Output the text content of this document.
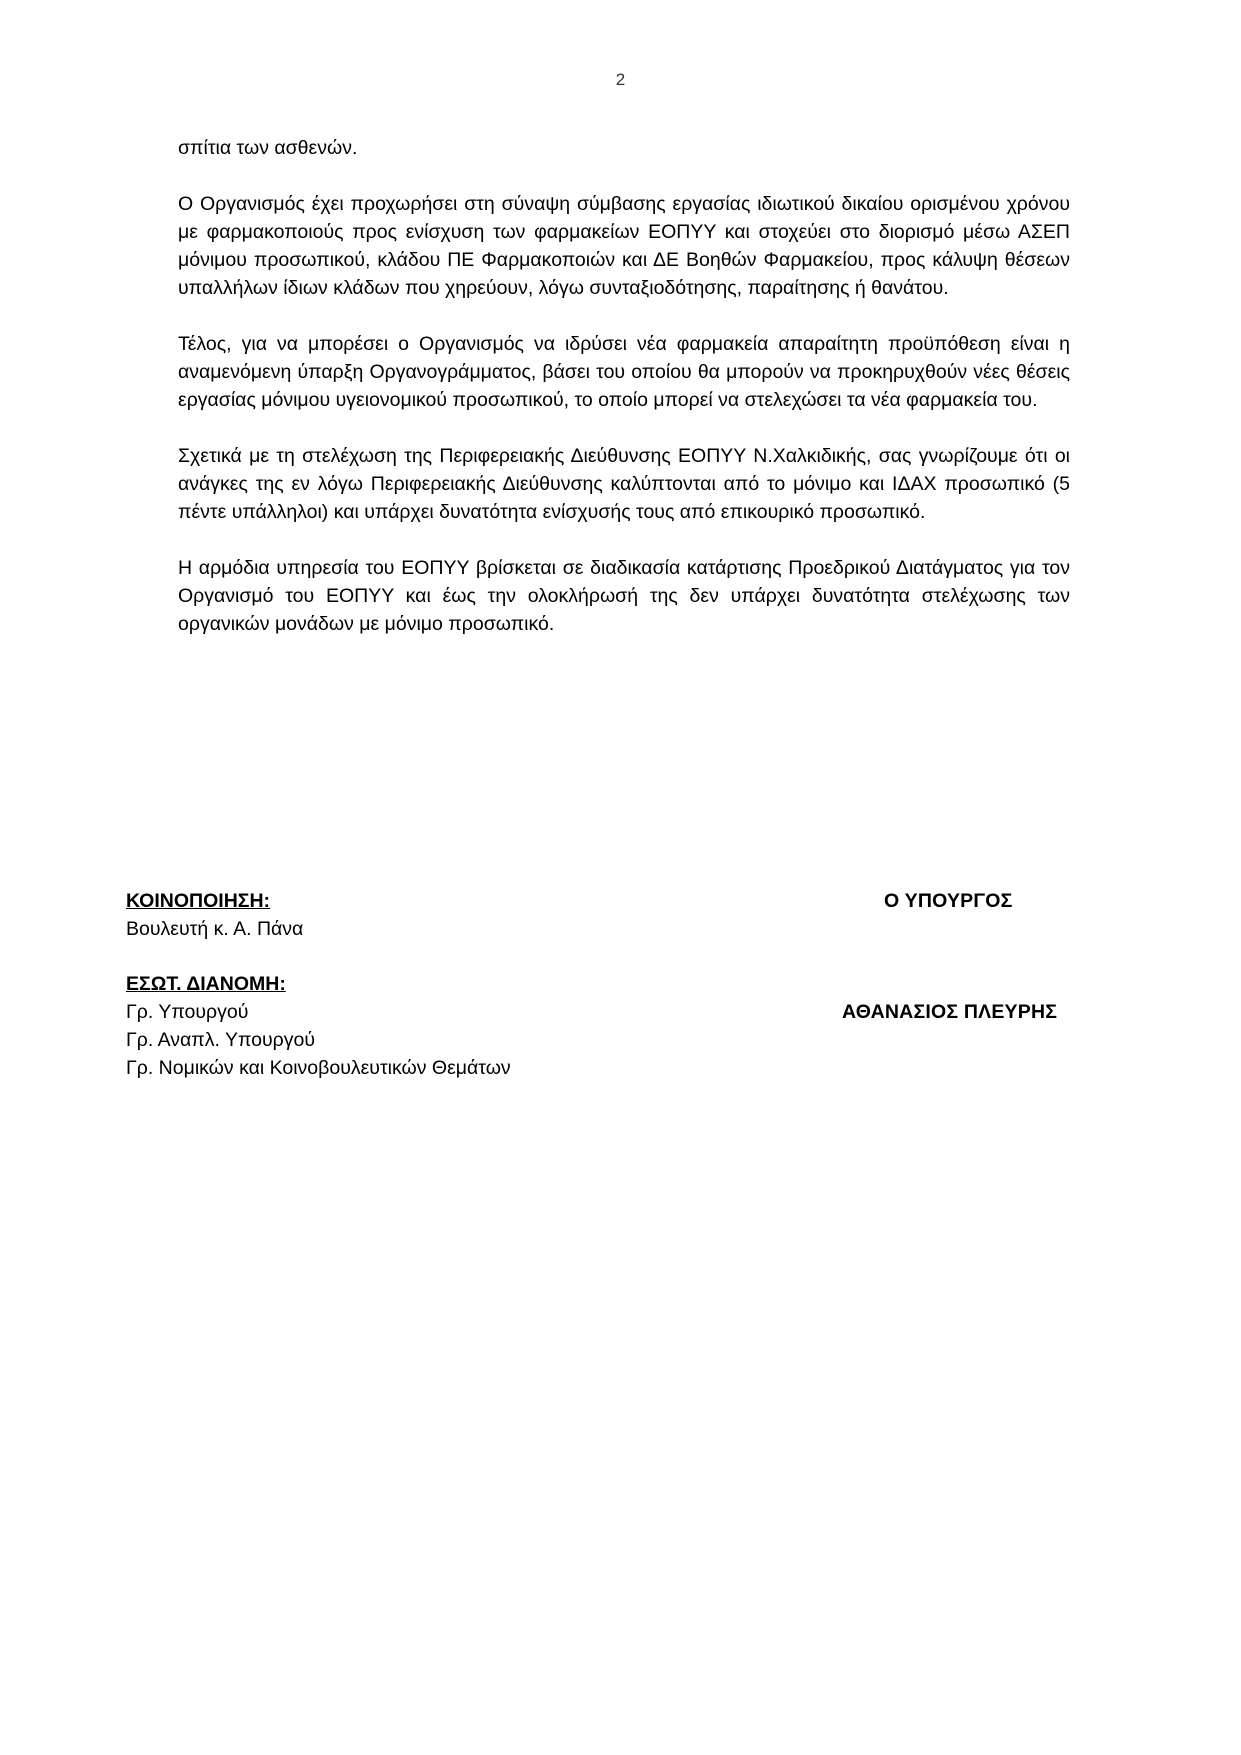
2

σπίτια των ασθενών.

Ο Οργανισμός έχει προχωρήσει στη σύναψη σύμβασης εργασίας ιδιωτικού δικαίου ορισμένου χρόνου με φαρμακοποιούς προς ενίσχυση των φαρμακείων ΕΟΠΥΥ και στοχεύει στο διορισμό μέσω ΑΣΕΠ μόνιμου προσωπικού, κλάδου ΠΕ Φαρμακοποιών και ΔΕ Βοηθών Φαρμακείου, προς κάλυψη θέσεων υπαλλήλων ίδιων κλάδων που χηρεύουν, λόγω συνταξιοδότησης, παραίτησης ή θανάτου.

Τέλος, για να μπορέσει ο Οργανισμός να ιδρύσει νέα φαρμακεία απαραίτητη προϋπόθεση είναι η αναμενόμενη ύπαρξη Οργανογράμματος, βάσει του οποίου θα μπορούν να προκηρυχθούν νέες θέσεις εργασίας μόνιμου υγειονομικού προσωπικού, το οποίο μπορεί να στελεχώσει τα νέα φαρμακεία του.

Σχετικά με τη στελέχωση της Περιφερειακής Διεύθυνσης ΕΟΠΥΥ Ν.Χαλκιδικής, σας γνωρίζουμε ότι οι ανάγκες της εν λόγω Περιφερειακής Διεύθυνσης καλύπτονται από το μόνιμο και ΙΔΑΧ προσωπικό (5 πέντε υπάλληλοι) και υπάρχει δυνατότητα ενίσχυσής τους από επικουρικό προσωπικό.

Η αρμόδια υπηρεσία του ΕΟΠΥΥ βρίσκεται σε διαδικασία κατάρτισης Προεδρικού Διατάγματος για τον Οργανισμό του ΕΟΠΥΥ και έως την ολοκλήρωσή της δεν υπάρχει δυνατότητα στελέχωσης των οργανικών μονάδων με μόνιμο προσωπικό.

ΚΟΙΝΟΠΟΙΗΣΗ:
Βουλευτή κ. Α. Πάνα
ΕΣΩΤ. ΔΙΑΝΟΜΗ:
Γρ. Υπουργού
Γρ. Αναπλ. Υπουργού
Γρ. Νομικών και Κοινοβουλευτικών Θεμάτων
Ο ΥΠΟΥΡΓΟΣ
ΑΘΑΝΑΣΙΟΣ ΠΛΕΥΡΗΣ
